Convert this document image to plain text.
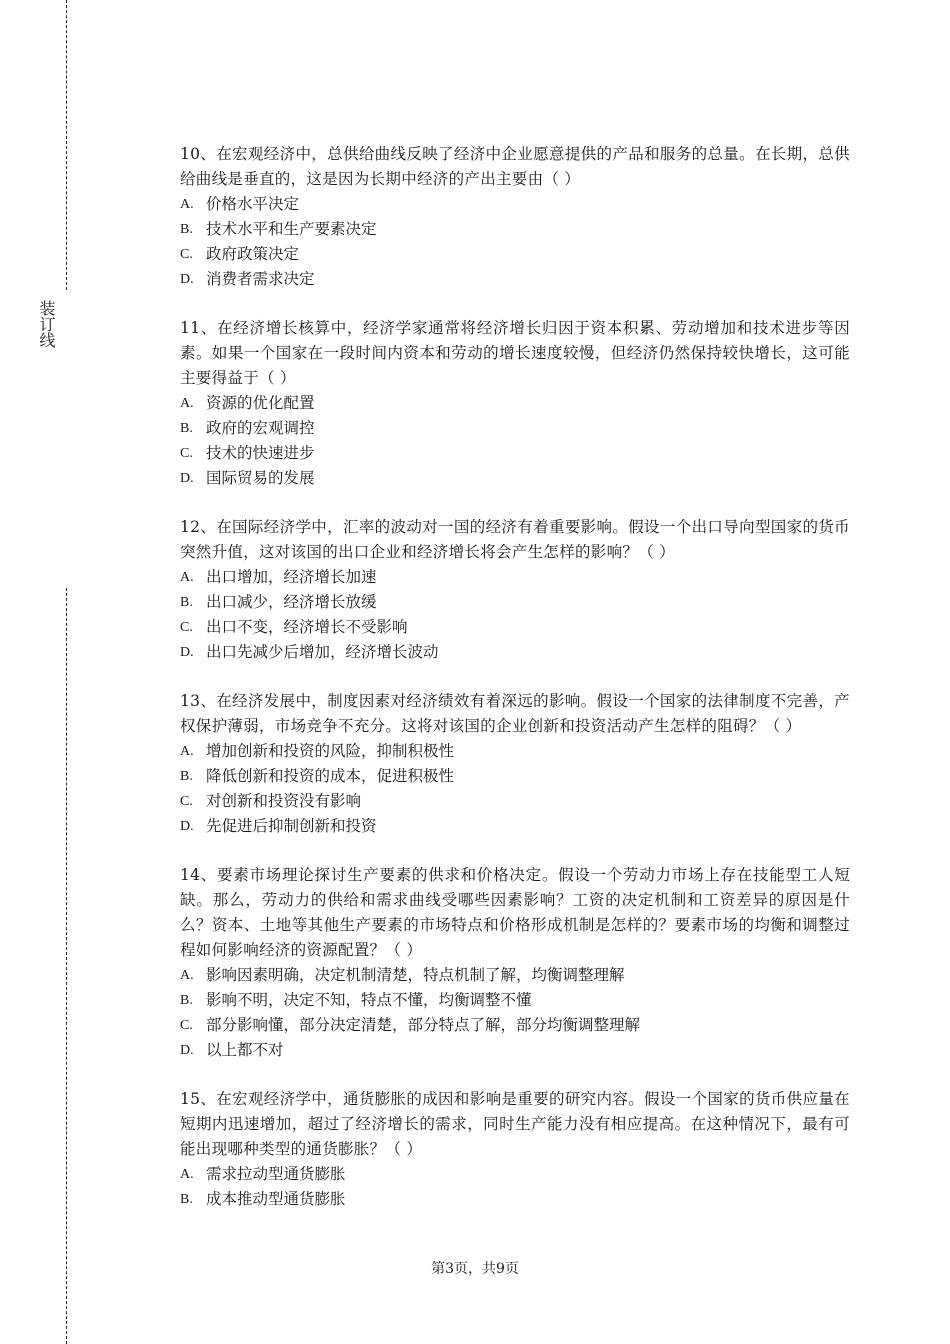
装订线

10、在宏观经济中，总供给曲线反映了经济中企业愿意提供的产品和服务的总量。在长期，总供给曲线是垂直的，这是因为长期中经济的产出主要由（ ）

A. 价格水平决定
B. 技术水平和生产要素决定
C. 政府政策决定
D. 消费者需求决定

11、在经济增长核算中，经济学家通常将经济增长归因于资本积累、劳动增加和技术进步等因素。如果一个国家在一段时间内资本和劳动的增长速度较慢，但经济仍然保持较快增长，这可能主要得益于（ ）

A. 资源的优化配置
B. 政府的宏观调控
C. 技术的快速进步
D. 国际贸易的发展

12、在国际经济学中，汇率的波动对一国的经济有着重要影响。假设一个出口导向型国家的货币突然升值，这对该国的出口企业和经济增长将会产生怎样的影响？（ ）

A. 出口增加，经济增长加速
B. 出口减少，经济增长放缓
C. 出口不变，经济增长不受影响
D. 出口先减少后增加，经济增长波动

13、在经济发展中，制度因素对经济绩效有着深远的影响。假设一个国家的法律制度不完善，产权保护薄弱，市场竞争不充分。这将对该国的企业创新和投资活动产生怎样的阻碍？（ ）

A. 增加创新和投资的风险，抑制积极性
B. 降低创新和投资的成本，促进积极性
C. 对创新和投资没有影响
D. 先促进后抑制创新和投资

14、要素市场理论探讨生产要素的供求和价格决定。假设一个劳动力市场上存在技能型工人短缺。那么，劳动力的供给和需求曲线受哪些因素影响？工资的决定机制和工资差异的原因是什么？资本、土地等其他生产要素的市场特点和价格形成机制是怎样的？要素市场的均衡和调整过程如何影响经济的资源配置？（ ）

A. 影响因素明确，决定机制清楚，特点机制了解，均衡调整理解
B. 影响不明，决定不知，特点不懂，均衡调整不懂
C. 部分影响懂，部分决定清楚，部分特点了解，部分均衡调整理解
D. 以上都不对

15、在宏观经济学中，通货膨胀的成因和影响是重要的研究内容。假设一个国家的货币供应量在短期内迅速增加，超过了经济增长的需求，同时生产能力没有相应提高。在这种情况下，最有可能出现哪种类型的通货膨胀？（ ）

A. 需求拉动型通货膨胀
B. 成本推动型通货膨胀
第3页，共9页
